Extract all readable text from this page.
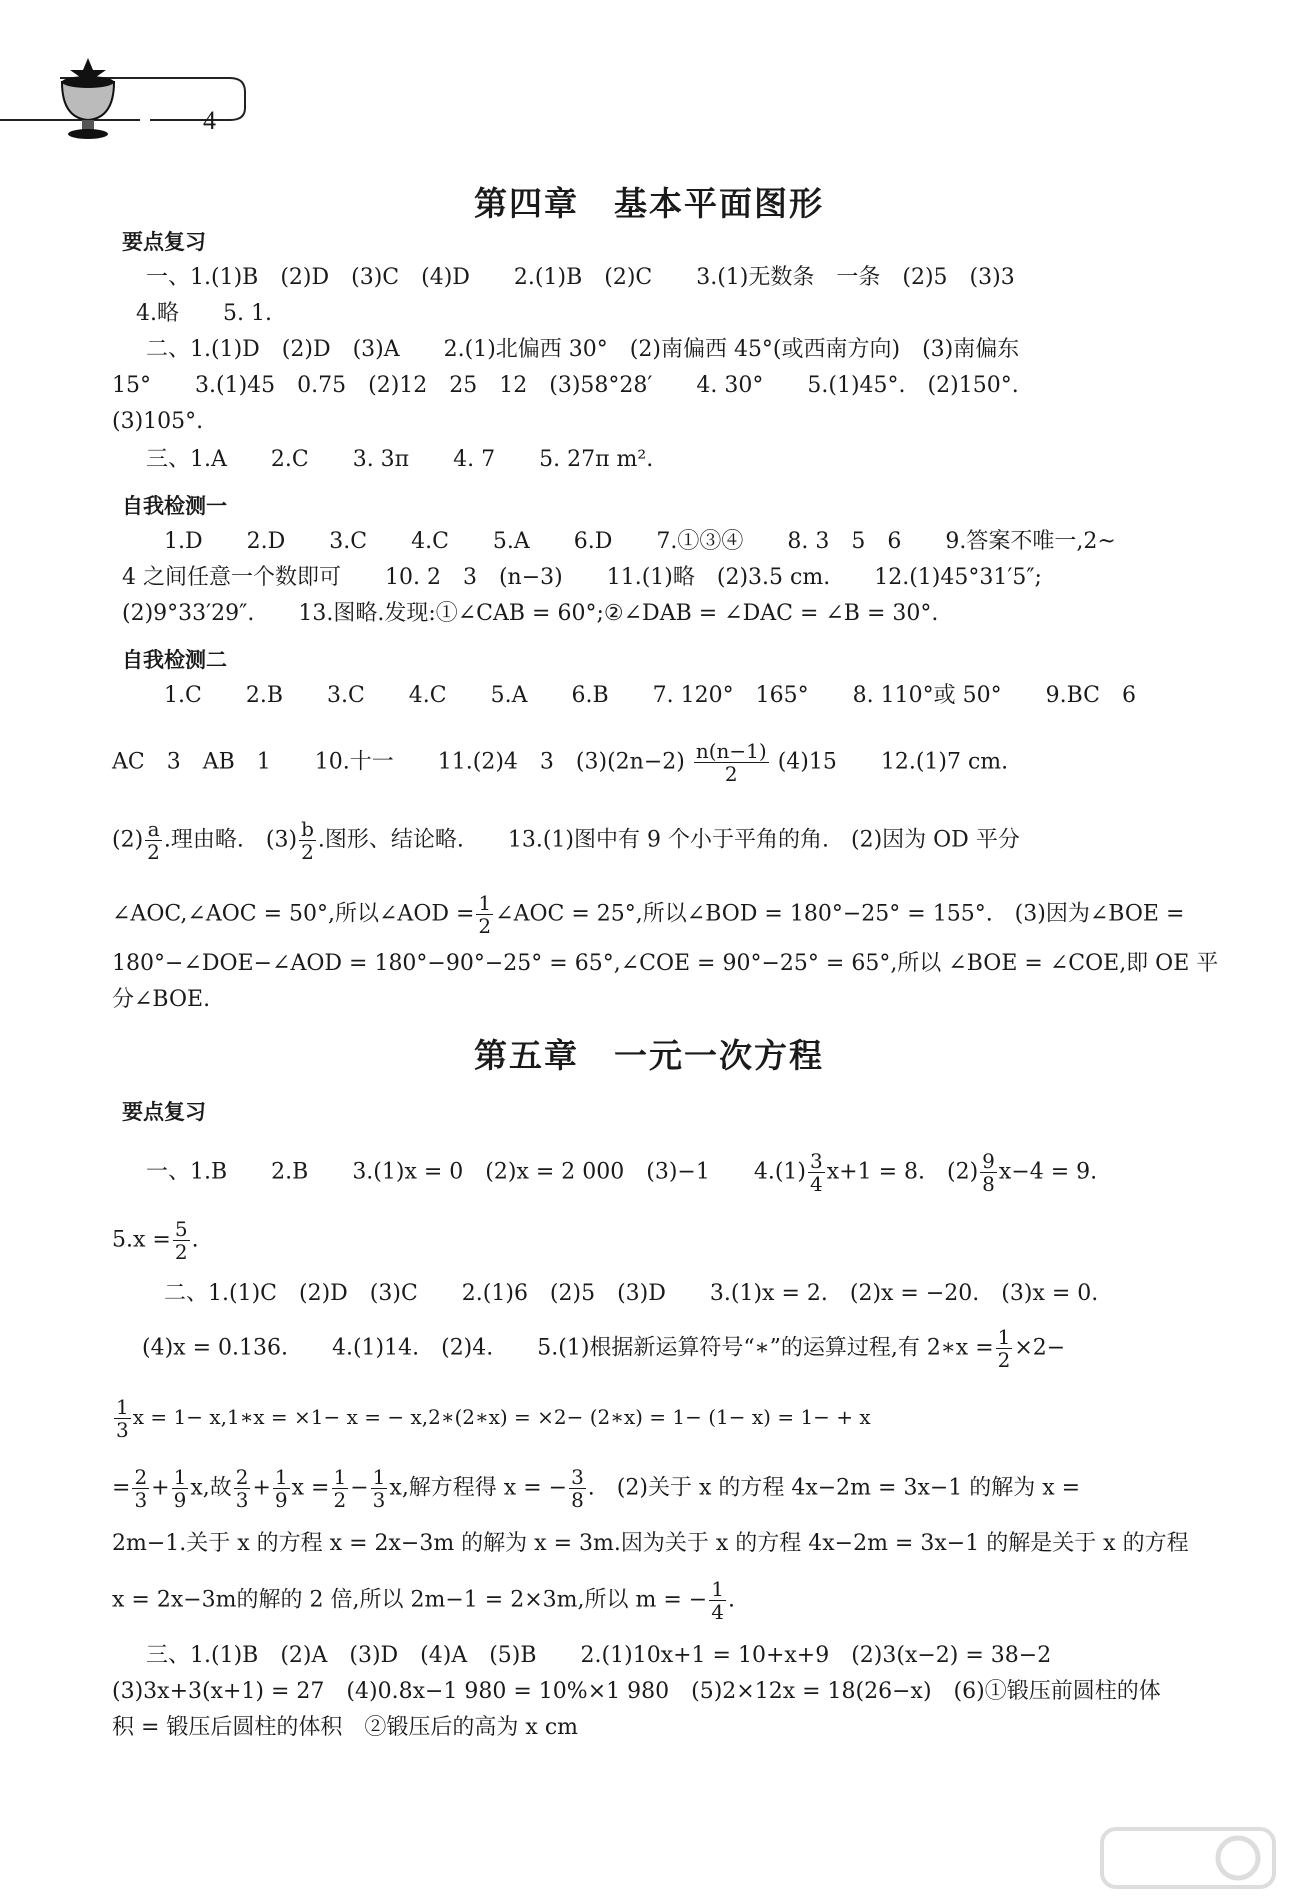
4
第四章　基本平面图形
要点复习
一、1.(1)B　(2)D　(3)C　(4)D　　2.(1)B　(2)C　　3.(1)无数条　一条　(2)5　(3)3
4.略　　5. 1.
二、1.(1)D　(2)D　(3)A　　2.(1)北偏西 30°　(2)南偏西 45°(或西南方向)　(3)南偏东
15°　　3.(1)45　0.75　(2)12　25　12　(3)58°28′　　4. 30°　　5.(1)45°.　(2)150°.
(3)105°.
三、1.A　　2.C　　3. 3π　　4. 7　　5. 27π m².
自我检测一
1.D　　2.D　　3.C　　4.C　　5.A　　6.D　　7.①③④　　8. 3　5　6　　9.答案不唯一,2~
4 之间任意一个数即可　　10. 2　3　(n−3)　　11.(1)略　(2)3.5 cm.　　12.(1)45°31′5″;
(2)9°33′29″.　　13.图略.发现:①∠CAB = 60°;②∠DAB = ∠DAC = ∠B = 30°.
自我检测二
1.C　　2.B　　3.C　　4.C　　5.A　　6.B　　7. 120°　165°　　8. 110°或 50°　　9.BC　6
AC　3　AB　1　　10.十一　　11.(2)4　3　$(3)(2n-2) \frac{n(n-1)}{2} (4)15$　　12.(1)7 cm.
$(2) \frac{a}{2}$ .理由略.　$(3) \frac{b}{2}$ .图形、结论略.　　13.(1)图中有 9 个小于平角的角.　(2)因为 OD 平分
∠AOC,∠AOC = 50°,所以∠AOD = $\frac{1}{2}$ ∠AOC = 25°,所以∠BOD = 180°−25° = 155°.　(3)因为∠BOE =
180°−∠DOE−∠AOD = 180°−90°−25° = 65°,∠COE = 90°−25° = 65°,所以 ∠BOE = ∠COE,即 OE 平
分∠BOE.
第五章　一元一次方程
要点复习
一、1.B　　2.B　　3.(1)x = 0　(2)x = 2 000　(3)−1　　$4.(1) \frac{3}{4} x+1 = 8$.　$(2) \frac{9}{8} x-4 = 9$.
$5.x = \frac{5}{2}$ .
二、1.(1)C　(2)D　(3)C　　2.(1)6　(2)5　(3)D　　3.(1)x = 2.　(2)x = −20.　(3)x = 0.
(4)x = 0.136.　　4.(1)14.　(2)4.　　5.(1)根据新运算符号“∗”的运算过程,有 2∗x = $\frac{1}{2} \times 2-$
$\frac{1}{3}$ x = 1− x,1∗x = ×1− x = − x,2∗(2∗x) = ×2− (2∗x) = 1− (1− x) = 1− + x
= $\frac{2}{3} + \frac{1}{9} x$,故 $\frac{2}{3} + \frac{1}{9}$ $x = \frac{1}{2} - \frac{1}{3} x$,解方程得 x = − $\frac{3}{8}$ .　(2)关于 x 的方程 4x−2m = 3x−1 的解为 x =
2m−1.关于 x 的方程 x = 2x−3m 的解为 x = 3m.因为关于 x 的方程 4x−2m = 3x−1 的解是关于 x 的方程
x = 2x−3m的解的 2 倍,所以 2m−1 = 2×3m,所以 m = − $\frac{1}{4}$ .
三、1.(1)B　(2)A　(3)D　(4)A　(5)B　　2.(1)10x+1 = 10+x+9　(2)3(x−2) = 38−2
(3)3x+3(x+1) = 27　(4)0.8x−1 980 = 10%×1 980　(5)2×12x = 18(26−x)　(6)①锻压前圆柱的体
积 = 锻压后圆柱的体积　②锻压后的高为 x cm
